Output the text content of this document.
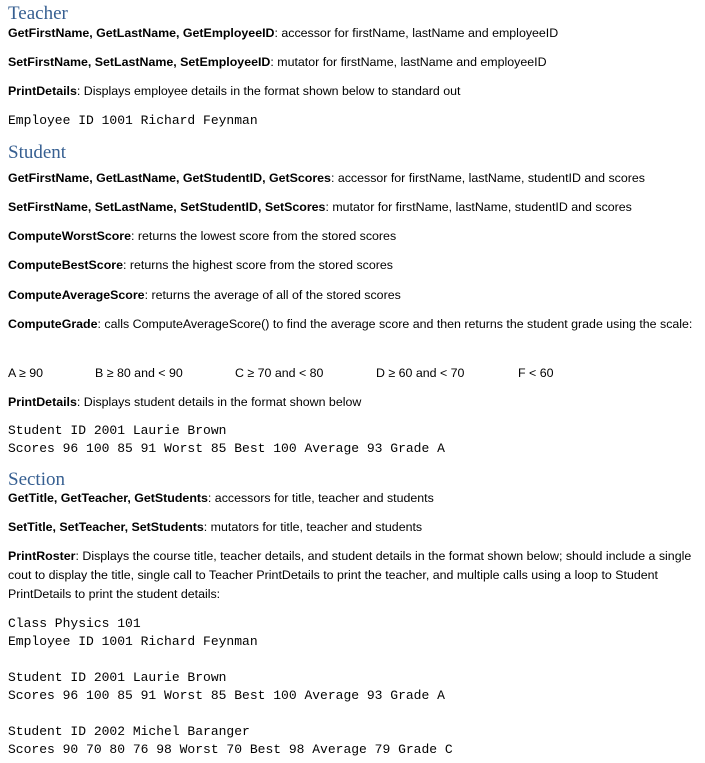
Teacher

GetFirstName, GetLastName, GetEmployeeID: accessor for firstName, lastName and employeeID

SetFirstName, SetLastName, SetEmployeeID: mutator for firstName, lastName and employeeID

PrintDetails: Displays employee details in the format shown below to standard out

Employee ID 1001 Richard Feynman

Student

GetFirstName, GetLastName, GetStudentID, GetScores: accessor for firstName, lastName, studentID and scores

SetFirstName, SetLastName, SetStudentID, SetScores: mutator for firstName, lastName, studentID and scores

ComputeWorstScore: returns the lowest score from the stored scores

ComputeBestScore: returns the highest score from the stored scores

ComputeAverageScore: returns the average of all of the stored scores

ComputeGrade: calls ComputeAverageScore() to find the average score and then returns the student grade using the scale:

A ≥ 90	B ≥ 80 and < 90	C ≥ 70 and < 80	D ≥ 60 and < 70	F < 60

PrintDetails: Displays student details in the format shown below

Student ID 2001 Laurie Brown

Scores 96 100 85 91 Worst 85 Best 100 Average 93 Grade A

Section

GetTitle, GetTeacher, GetStudents: accessors for title, teacher and students

SetTitle, SetTeacher, SetStudents: mutators for title, teacher and students

PrintRoster: Displays the course title, teacher details, and student details in the format shown below; should include a single cout to display the title, single call to Teacher PrintDetails to print the teacher, and multiple calls using a loop to Student PrintDetails to print the student details:

Class Physics 101

Employee ID 1001 Richard Feynman

Student ID 2001 Laurie Brown

Scores 96 100 85 91 Worst 85 Best 100 Average 93 Grade A

Student ID 2002 Michel Baranger

Scores 90 70 80 76 98 Worst 70 Best 98 Average 79 Grade C
